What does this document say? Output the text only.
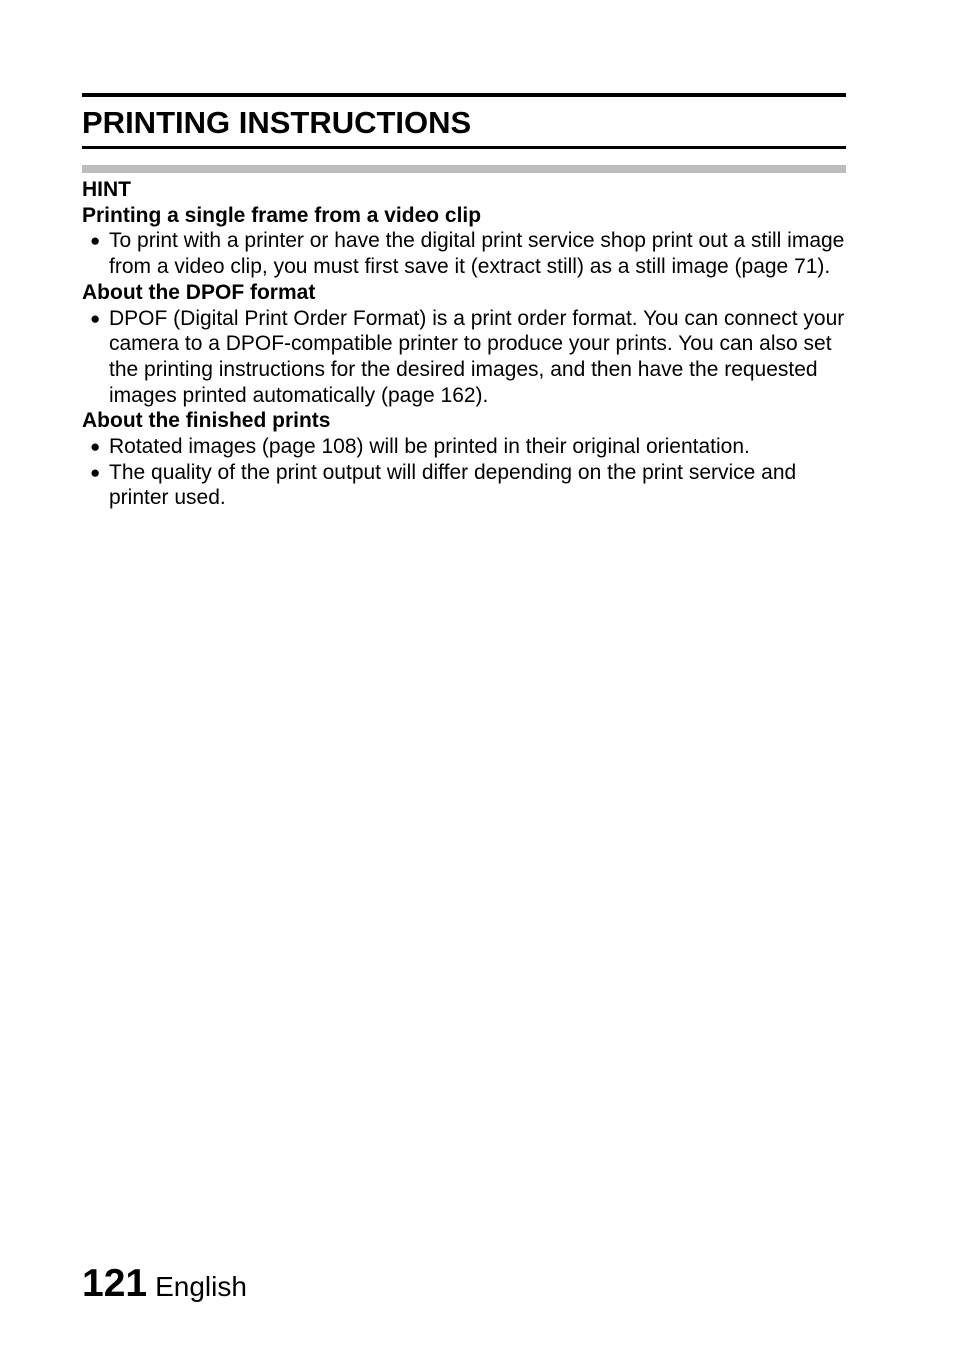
PRINTING INSTRUCTIONS
HINT
Printing a single frame from a video clip
● To print with a printer or have the digital print service shop print out a still image from a video clip, you must first save it (extract still) as a still image (page 71).
About the DPOF format
● DPOF (Digital Print Order Format) is a print order format. You can connect your camera to a DPOF-compatible printer to produce your prints. You can also set the printing instructions for the desired images, and then have the requested images printed automatically (page 162).
About the finished prints
● Rotated images (page 108) will be printed in their original orientation.
● The quality of the print output will differ depending on the print service and printer used.
121 English
